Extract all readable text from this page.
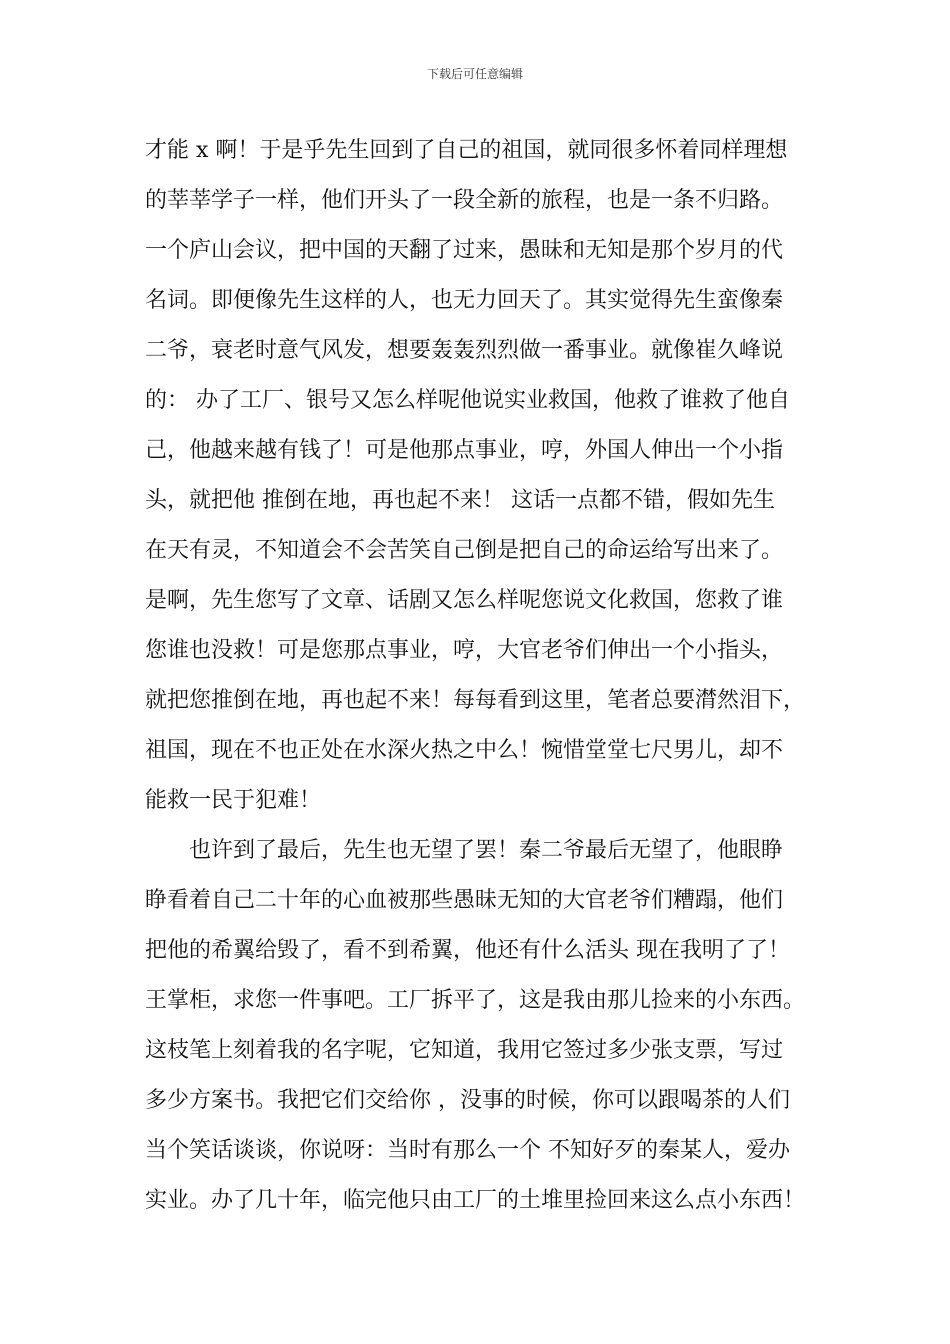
下载后可任意编辑
才能 x 啊！于是乎先生回到了自己的祖国，就同很多怀着同样理想
的莘莘学子一样，他们开头了一段全新的旅程，也是一条不归路。
一个庐山会议，把中国的天翻了过来，愚昧和无知是那个岁月的代
名词。即便像先生这样的人，也无力回天了。其实觉得先生蛮像秦
二爷，衰老时意气风发，想要轰轰烈烈做一番事业。就像崔久峰说
的： 办了工厂、银号又怎么样呢他说实业救国，他救了谁救了他自
己，他越来越有钱了！可是他那点事业，哼，外国人伸出一个小指
头，就把他 推倒在地，再也起不来！ 这话一点都不错，假如先生
在天有灵，不知道会不会苦笑自己倒是把自己的命运给写出来了。
是啊，先生您写了文章、话剧又怎么样呢您说文化救国，您救了谁
您谁也没救！可是您那点事业，哼，大官老爷们伸出一个小指头，
就把您推倒在地，再也起不来！每每看到这里，笔者总要潸然泪下，
祖国，现在不也正处在水深火热之中么！惋惜堂堂七尺男儿，却不
能救一民于犯难！
也许到了最后，先生也无望了罢！秦二爷最后无望了，他眼睁
睁看着自己二十年的心血被那些愚昧无知的大官老爷们糟蹋，他们
把他的希翼给毁了，看不到希翼，他还有什么活头 现在我明了了！
王掌柜，求您一件事吧。工厂拆平了，这是我由那儿捡来的小东西。
这枝笔上刻着我的名字呢，它知道，我用它签过多少张支票，写过
多少方案书。我把它们交给你 ，没事的时候，你可以跟喝茶的人们
当个笑话谈谈，你说呀：当时有那么一个 不知好歹的秦某人，爱办
实业。办了几十年，临完他只由工厂的土堆里捡回来这么点小东西！
